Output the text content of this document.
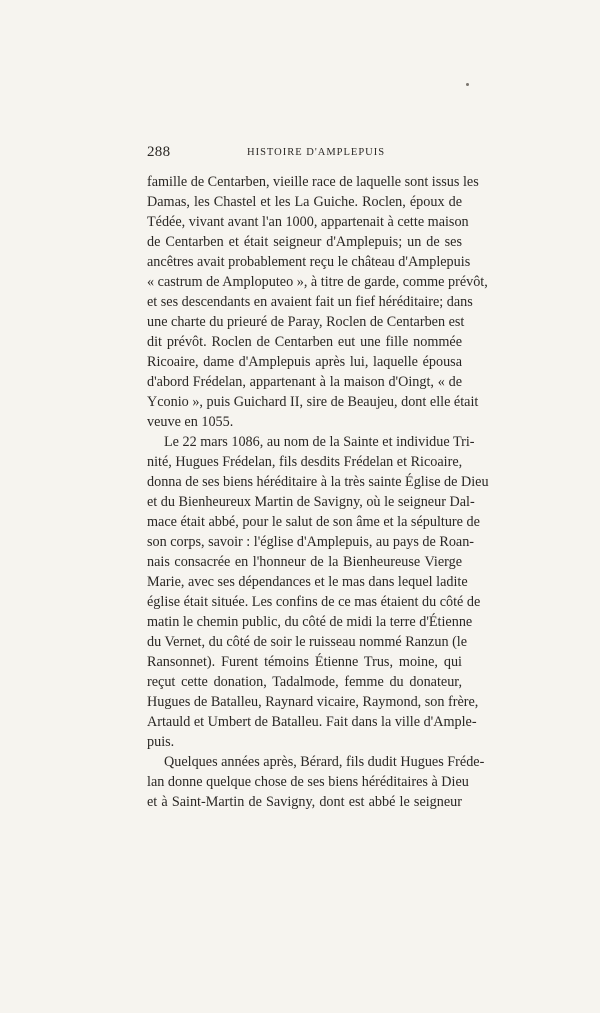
288	HISTOIRE D'AMPLEPUIS
famille de Centarben, vieille race de laquelle sont issus les
Damas, les Chastel et les La Guiche. Roclen, époux de
Tédée, vivant avant l'an 1000, appartenait à cette maison
de Centarben et était seigneur d'Amplepuis; un de ses
ancêtres avait probablement reçu le château d'Amplepuis
« castrum de Amploputeo », à titre de garde, comme prévôt,
et ses descendants en avaient fait un fief héréditaire; dans
une charte du prieuré de Paray, Roclen de Centarben est
dit prévôt. Roclen de Centarben eut une fille nommée
Ricoaire, dame d'Amplepuis après lui, laquelle épousa
d'abord Frédelan, appartenant à la maison d'Oingt, « de
Yconio », puis Guichard II, sire de Beaujeu, dont elle était
veuve en 1055.
Le 22 mars 1086, au nom de la Sainte et individue Tri-
nité, Hugues Frédelan, fils desdits Frédelan et Ricoaire,
donna de ses biens héréditaire à la très sainte Église de Dieu
et du Bienheureux Martin de Savigny, où le seigneur Dal-
mace était abbé, pour le salut de son âme et la sépulture de
son corps, savoir : l'église d'Amplepuis, au pays de Roan-
nais consacrée en l'honneur de la Bienheureuse Vierge
Marie, avec ses dépendances et le mas dans lequel ladite
église était située. Les confins de ce mas étaient du côté de
matin le chemin public, du côté de midi la terre d'Étienne
du Vernet, du côté de soir le ruisseau nommé Ranzun (le
Ransonnet). Furent témoins Étienne Trus, moine, qui
reçut cette donation, Tadalmode, femme du donateur,
Hugues de Batalleu, Raynard vicaire, Raymond, son frère,
Artauld et Umbert de Batalleu. Fait dans la ville d'Ample-
puis.
Quelques années après, Bérard, fils dudit Hugues Fréde-
lan donne quelque chose de ses biens héréditaires à Dieu
et à Saint-Martin de Savigny, dont est abbé le seigneur
